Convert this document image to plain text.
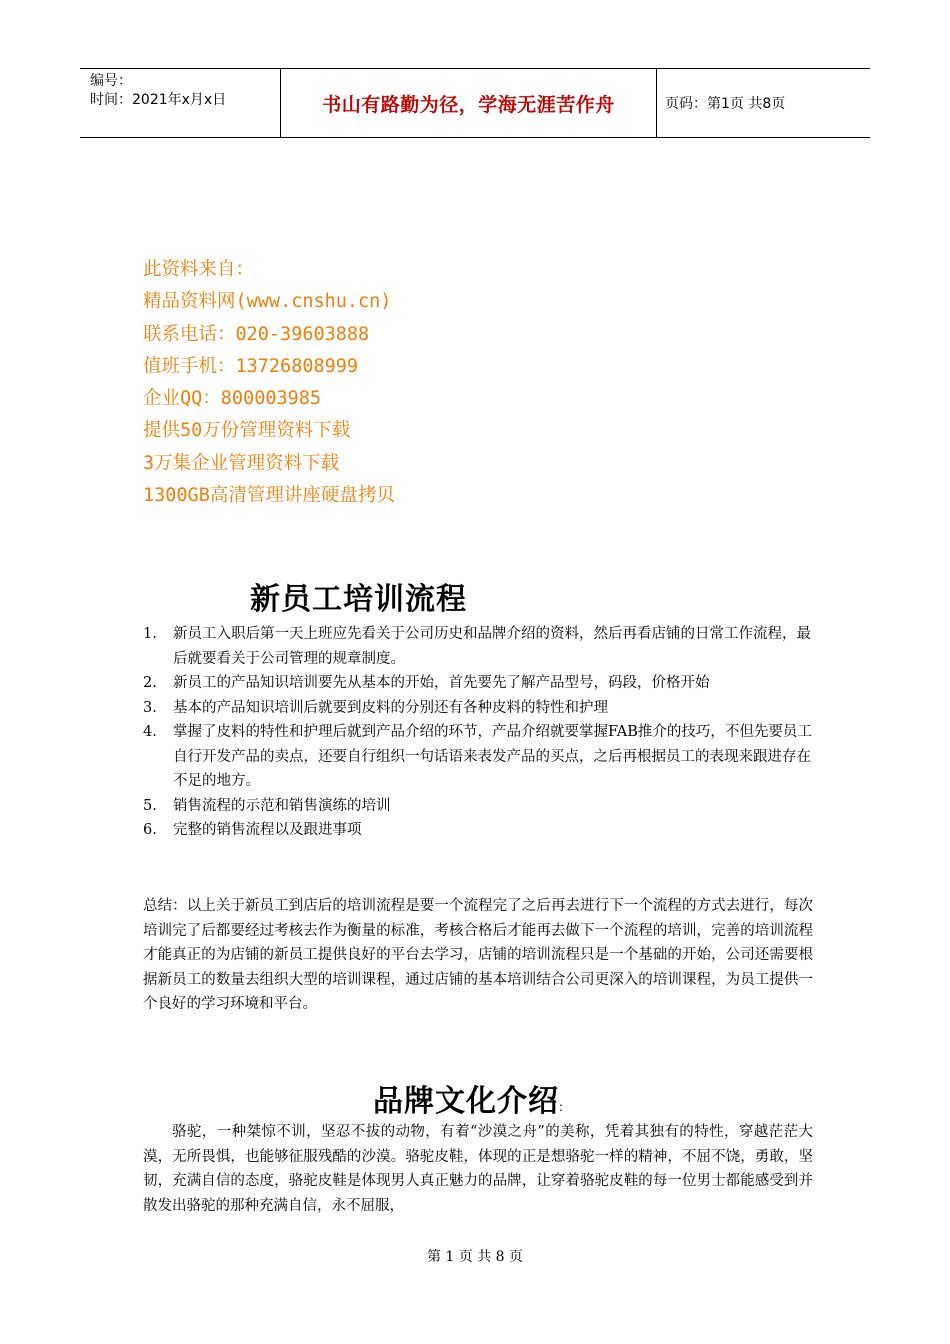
编号：
时间：2021年x月x日	书山有路勤为径，学海无涯苦作舟	页码：第1页 共8页
此资料来自：
精品资料网(www.cnshu.cn)
联系电话：020-39603888
值班手机：13726808999
企业QQ：800003985
提供50万份管理资料下载
3万集企业管理资料下载
1300GB高清管理讲座硬盘拷贝
新员工培训流程
1. 新员工入职后第一天上班应先看关于公司历史和品牌介绍的资料，然后再看店铺的日常工作流程，最后就要看关于公司管理的规章制度。
2. 新员工的产品知识培训要先从基本的开始，首先要先了解产品型号，码段，价格开始
3. 基本的产品知识培训后就要到皮料的分别还有各种皮料的特性和护理
4. 掌握了皮料的特性和护理后就到产品介绍的环节，产品介绍就要掌握FAB推介的技巧，不但先要员工自行开发产品的卖点，还要自行组织一句话语来表发产品的买点，之后再根据员工的表现来跟进存在不足的地方。
5. 销售流程的示范和销售演练的培训
6. 完整的销售流程以及跟进事项

总结：以上关于新员工到店后的培训流程是要一个流程完了之后再去进行下一个流程的方式去进行，每次培训完了后都要经过考核去作为衡量的标准，考核合格后才能再去做下一个流程的培训，完善的培训流程才能真正的为店铺的新员工提供良好的平台去学习，店铺的培训流程只是一个基础的开始，公司还需要根据新员工的数量去组织大型的培训课程，通过店铺的基本培训结合公司更深入的培训课程，为员工提供一个良好的学习环境和平台。

品牌文化介绍:

骆驼，一种桀惊不训，坚忍不拔的动物，有着“沙漠之舟”的美称，凭着其独有的特性，穿越茫茫大漠，无所畏惧，也能够征服残酷的沙漠。骆驼皮鞋，体现的正是想骆驼一样的精神，不屈不饶，勇敢，坚韧，充满自信的态度，骆驼皮鞋是体现男人真正魅力的品牌，让穿着骆驼皮鞋的每一位男士都能感受到并散发出骆驼的那种充满自信，永不屈服，

第 1 页 共 8 页
